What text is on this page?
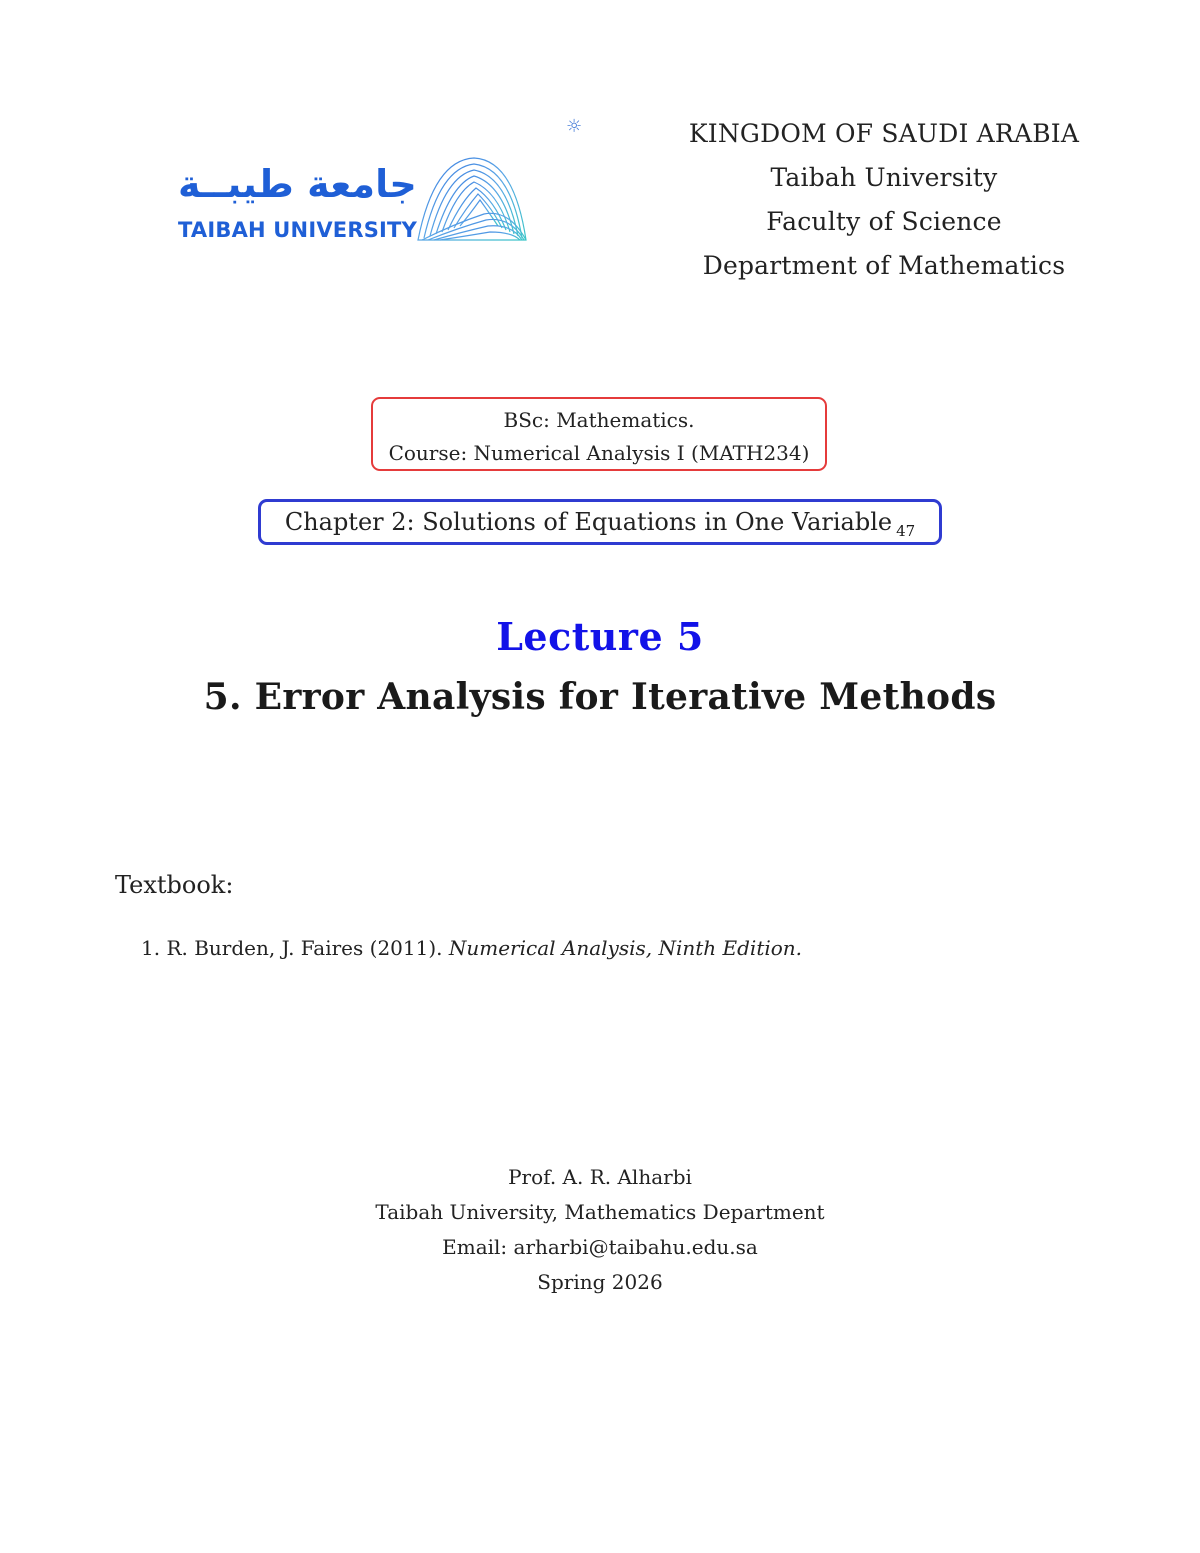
جامعة طيبــة
TAIBAH UNIVERSITY
☼	KINGDOM OF SAUDI ARABIA
Taibah University
Faculty of Science
Department of Mathematics
BSc: Mathematics.
Course: Numerical Analysis I (MATH234)
Chapter 2: Solutions of Equations in One Variable 47
Lecture 5
5. Error Analysis for Iterative Methods
Textbook:
1. R. Burden, J. Faires (2011). Numerical Analysis, Ninth Edition.
Prof. A. R. Alharbi
Taibah University, Mathematics Department
Email: arharbi@taibahu.edu.sa
Spring 2026
